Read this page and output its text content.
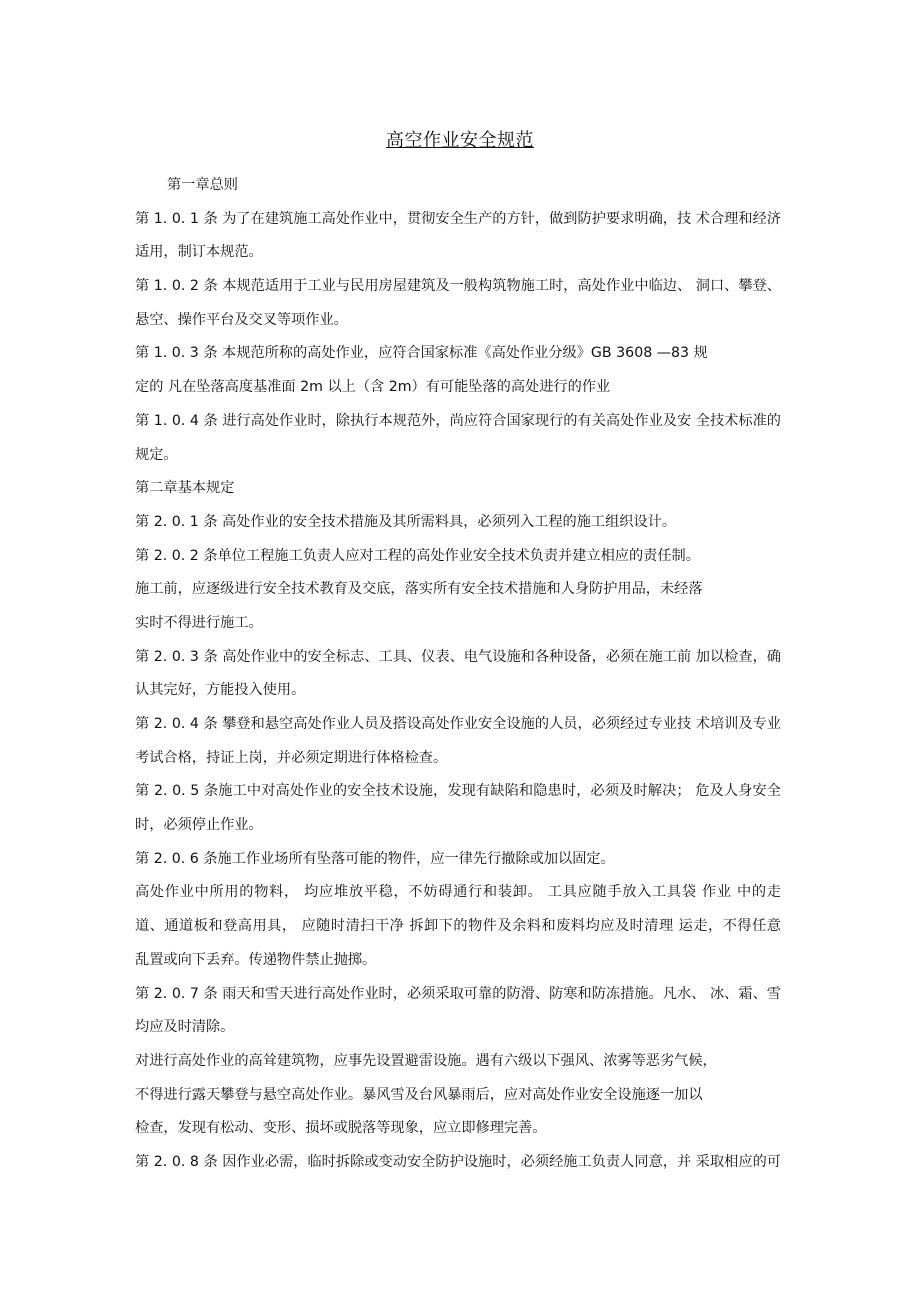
高空作业安全规范
第一章总则
第 1. 0. 1 条 为了在建筑施工高处作业中，贯彻安全生产的方针，做到防护要求明确，技 术合理和经济
适用，制订本规范。
第 1. 0. 2 条 本规范适用于工业与民用房屋建筑及一般构筑物施工时，高处作业中临边、 洞口、攀登、
悬空、操作平台及交叉等项作业。
第 1. 0. 3 条 本规范所称的高处作业，应符合国家标准《高处作业分级》GB 3608 —83 规
定的 凡在坠落高度基准面 2m 以上（含 2m）有可能坠落的高处进行的作业
第 1. 0. 4 条 进行高处作业时，除执行本规范外，尚应符合国家现行的有关高处作业及安 全技术标准的
规定。
第二章基本规定
第 2. 0. 1 条 高处作业的安全技术措施及其所需料具，必须列入工程的施工组织设计。
第 2. 0. 2 条单位工程施工负责人应对工程的高处作业安全技术负责并建立相应的责任制。
施工前，应逐级进行安全技术教育及交底，落实所有安全技术措施和人身防护用品，未经落
实时不得进行施工。
第 2. 0. 3 条 高处作业中的安全标志、工具、仪表、电气设施和各种设备，必须在施工前 加以检查，确
认其完好，方能投入使用。
第 2. 0. 4 条 攀登和悬空高处作业人员及搭设高处作业安全设施的人员，必须经过专业技 术培训及专业
考试合格，持证上岗，并必须定期进行体格检查。
第 2. 0. 5 条施工中对高处作业的安全技术设施，发现有缺陷和隐患时，必须及时解决； 危及人身安全
时，必须停止作业。
第 2. 0. 6 条施工作业场所有坠落可能的物件，应一律先行撤除或加以固定。
高处作业中所用的物料， 均应堆放平稳，不妨碍通行和装卸。 工具应随手放入工具袋 作业 中的走
道、通道板和登高用具， 应随时清扫干净 拆卸下的物件及余料和废料均应及时清理 运走，不得任意
乱置或向下丢弃。传递物件禁止抛掷。
第 2. 0. 7 条 雨天和雪天进行高处作业时，必须采取可靠的防滑、防寒和防冻措施。凡水、 冰、霜、雪
均应及时清除。
对进行高处作业的高耸建筑物，应事先设置避雷设施。遇有六级以下强风、浓雾等恶劣气候，
不得进行露天攀登与悬空高处作业。暴风雪及台风暴雨后，应对高处作业安全设施逐一加以
检查，发现有松动、变形、损坏或脱落等现象，应立即修理完善。
第 2. 0. 8 条 因作业必需，临时拆除或变动安全防护设施时，必须经施工负责人同意，并 采取相应的可
